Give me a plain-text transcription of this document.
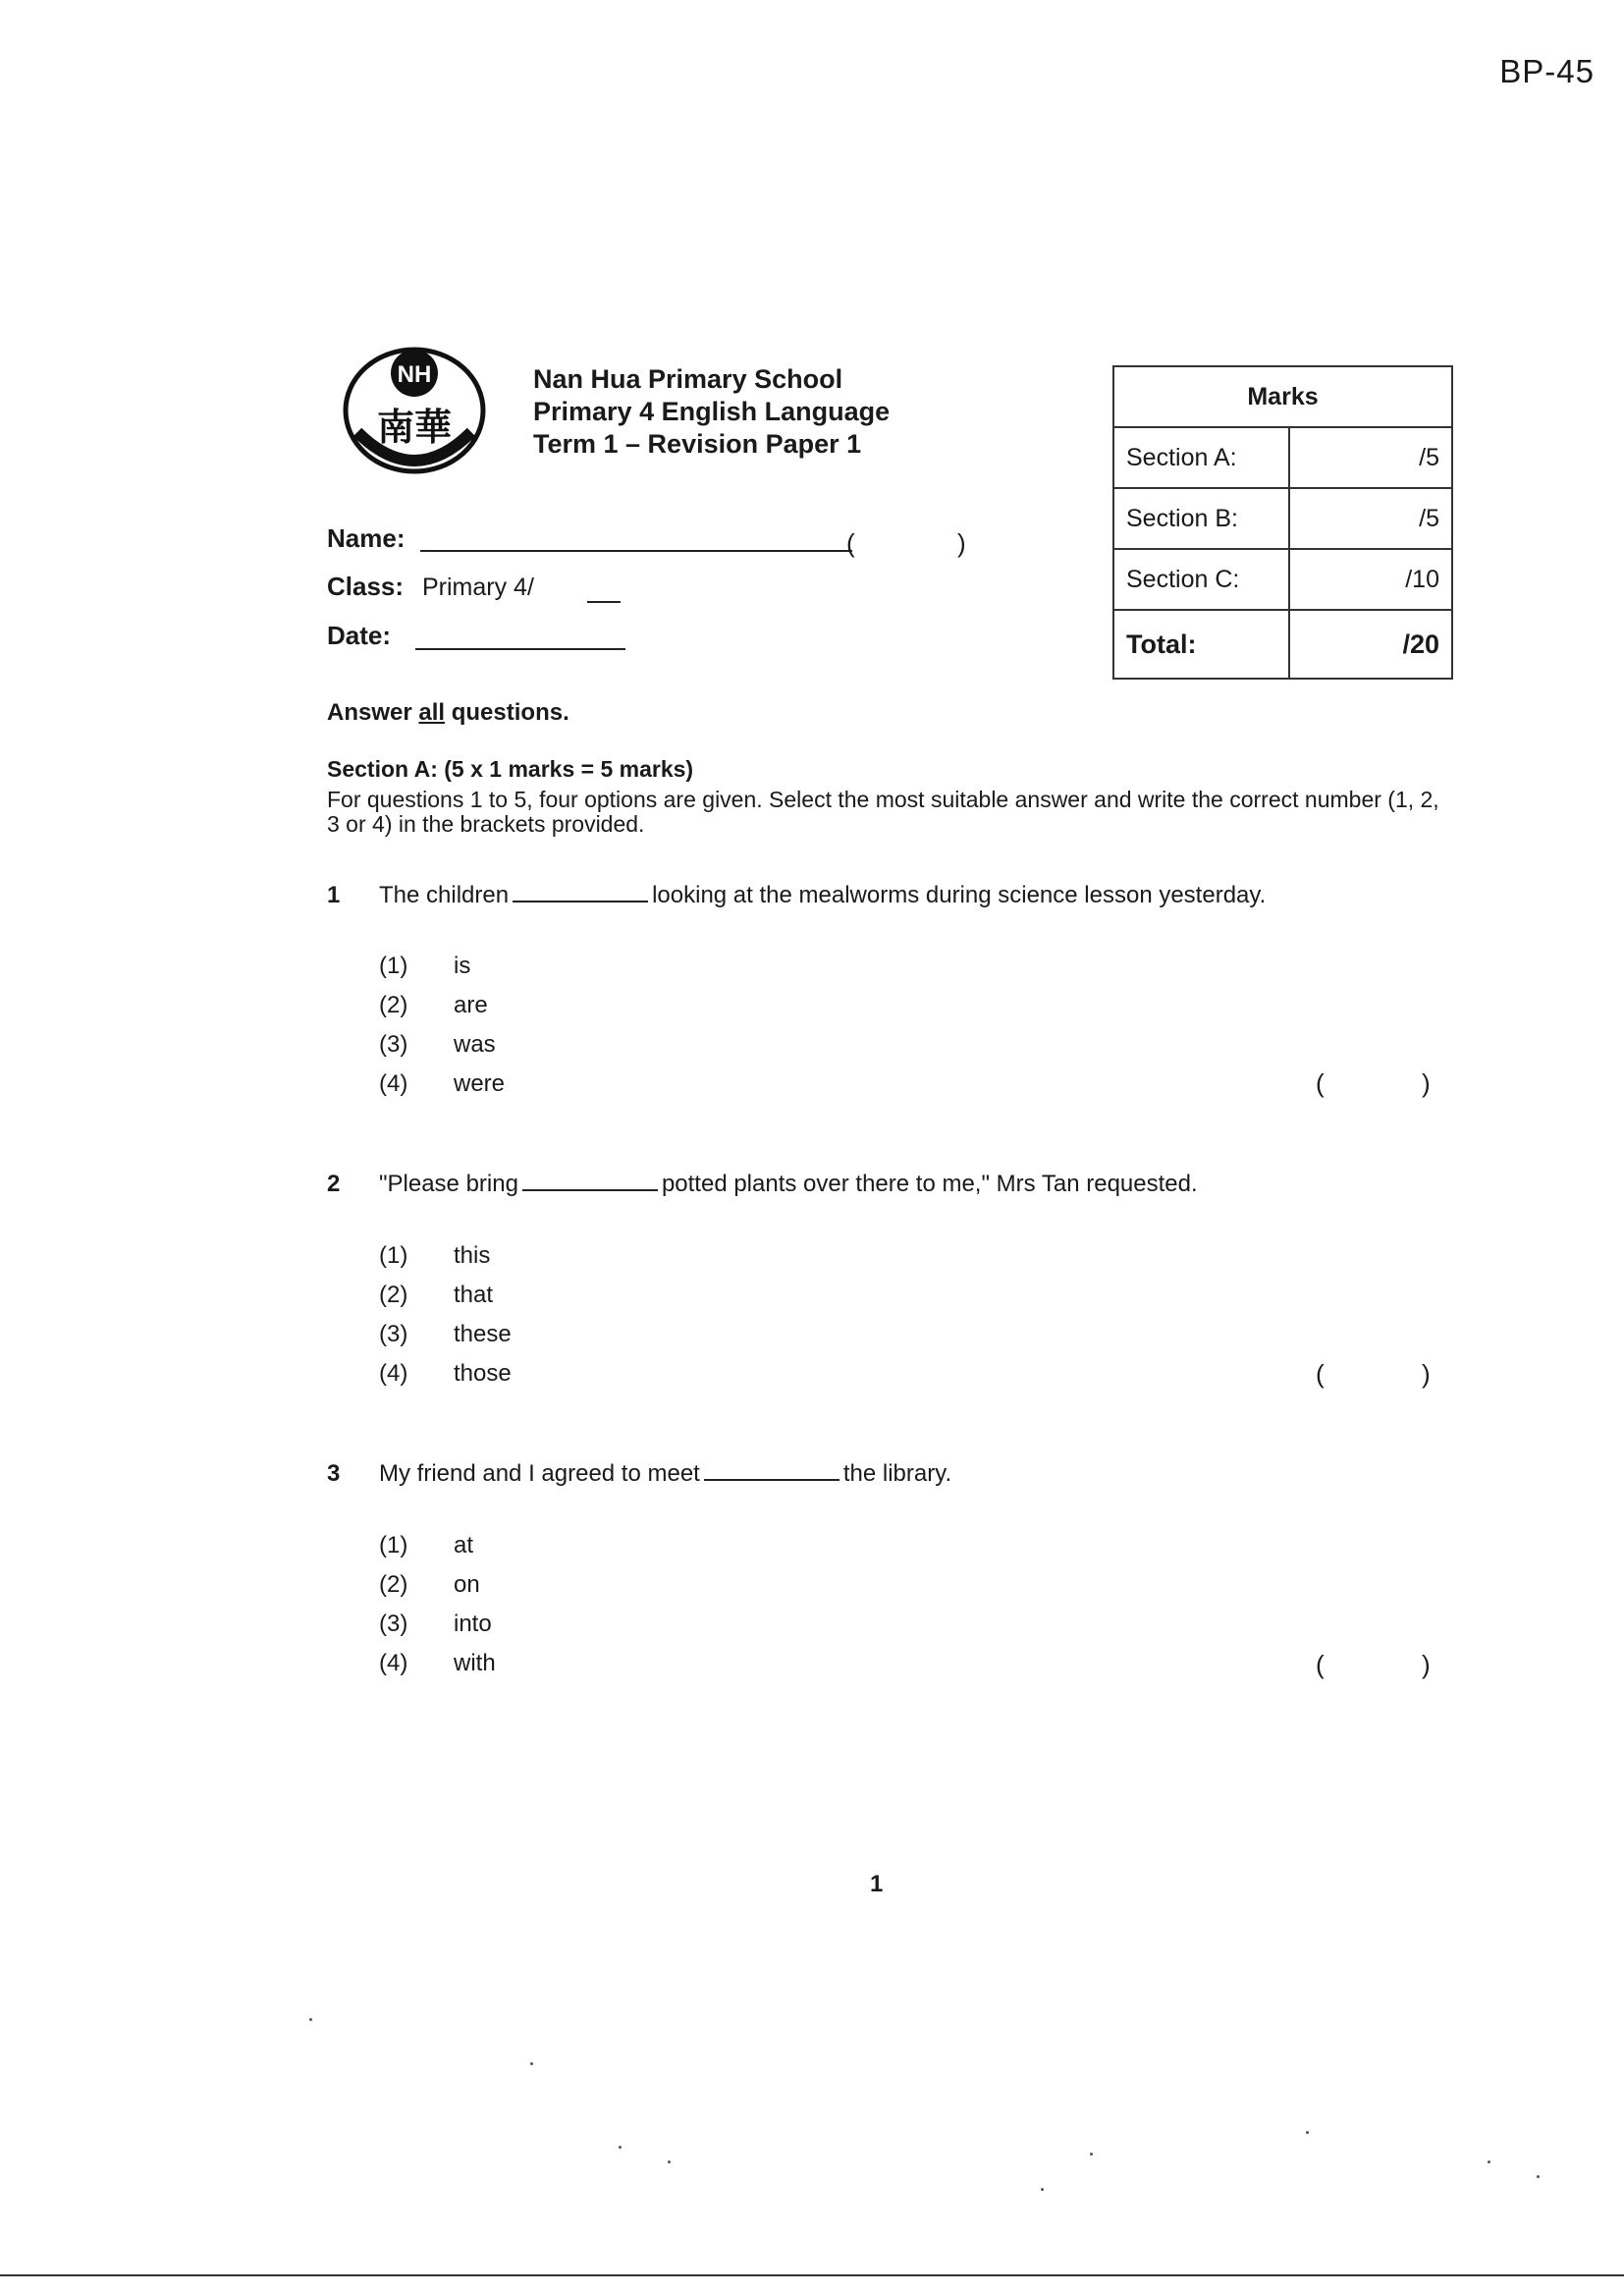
BP-45
NH
南華
Nan Hua Primary School
Primary 4 English Language
Term 1 – Revision Paper 1
Name:	(	)
Class: Primary 4/
Date:
Marks	
Section A:	/5
Section B:	/5
Section C:	/10
Total:	/20
Answer all questions.
Section A: (5 x 1 marks = 5 marks)
For questions 1 to 5, four options are given. Select the most suitable answer and write the correct number (1, 2, 3 or 4) in the brackets provided.
1 The children	looking at the mealworms during science lesson yesterday.
(1) is
(2) are
(3) was
(4) were	(	)
2 "Please bring	potted plants over there to me," Mrs Tan requested.
(1) this
(2) that
(3) these
(4) those	(	)
3 My friend and I agreed to meet	the library.
(1) at
(2) on
(3) into
(4) with	(	)
1
